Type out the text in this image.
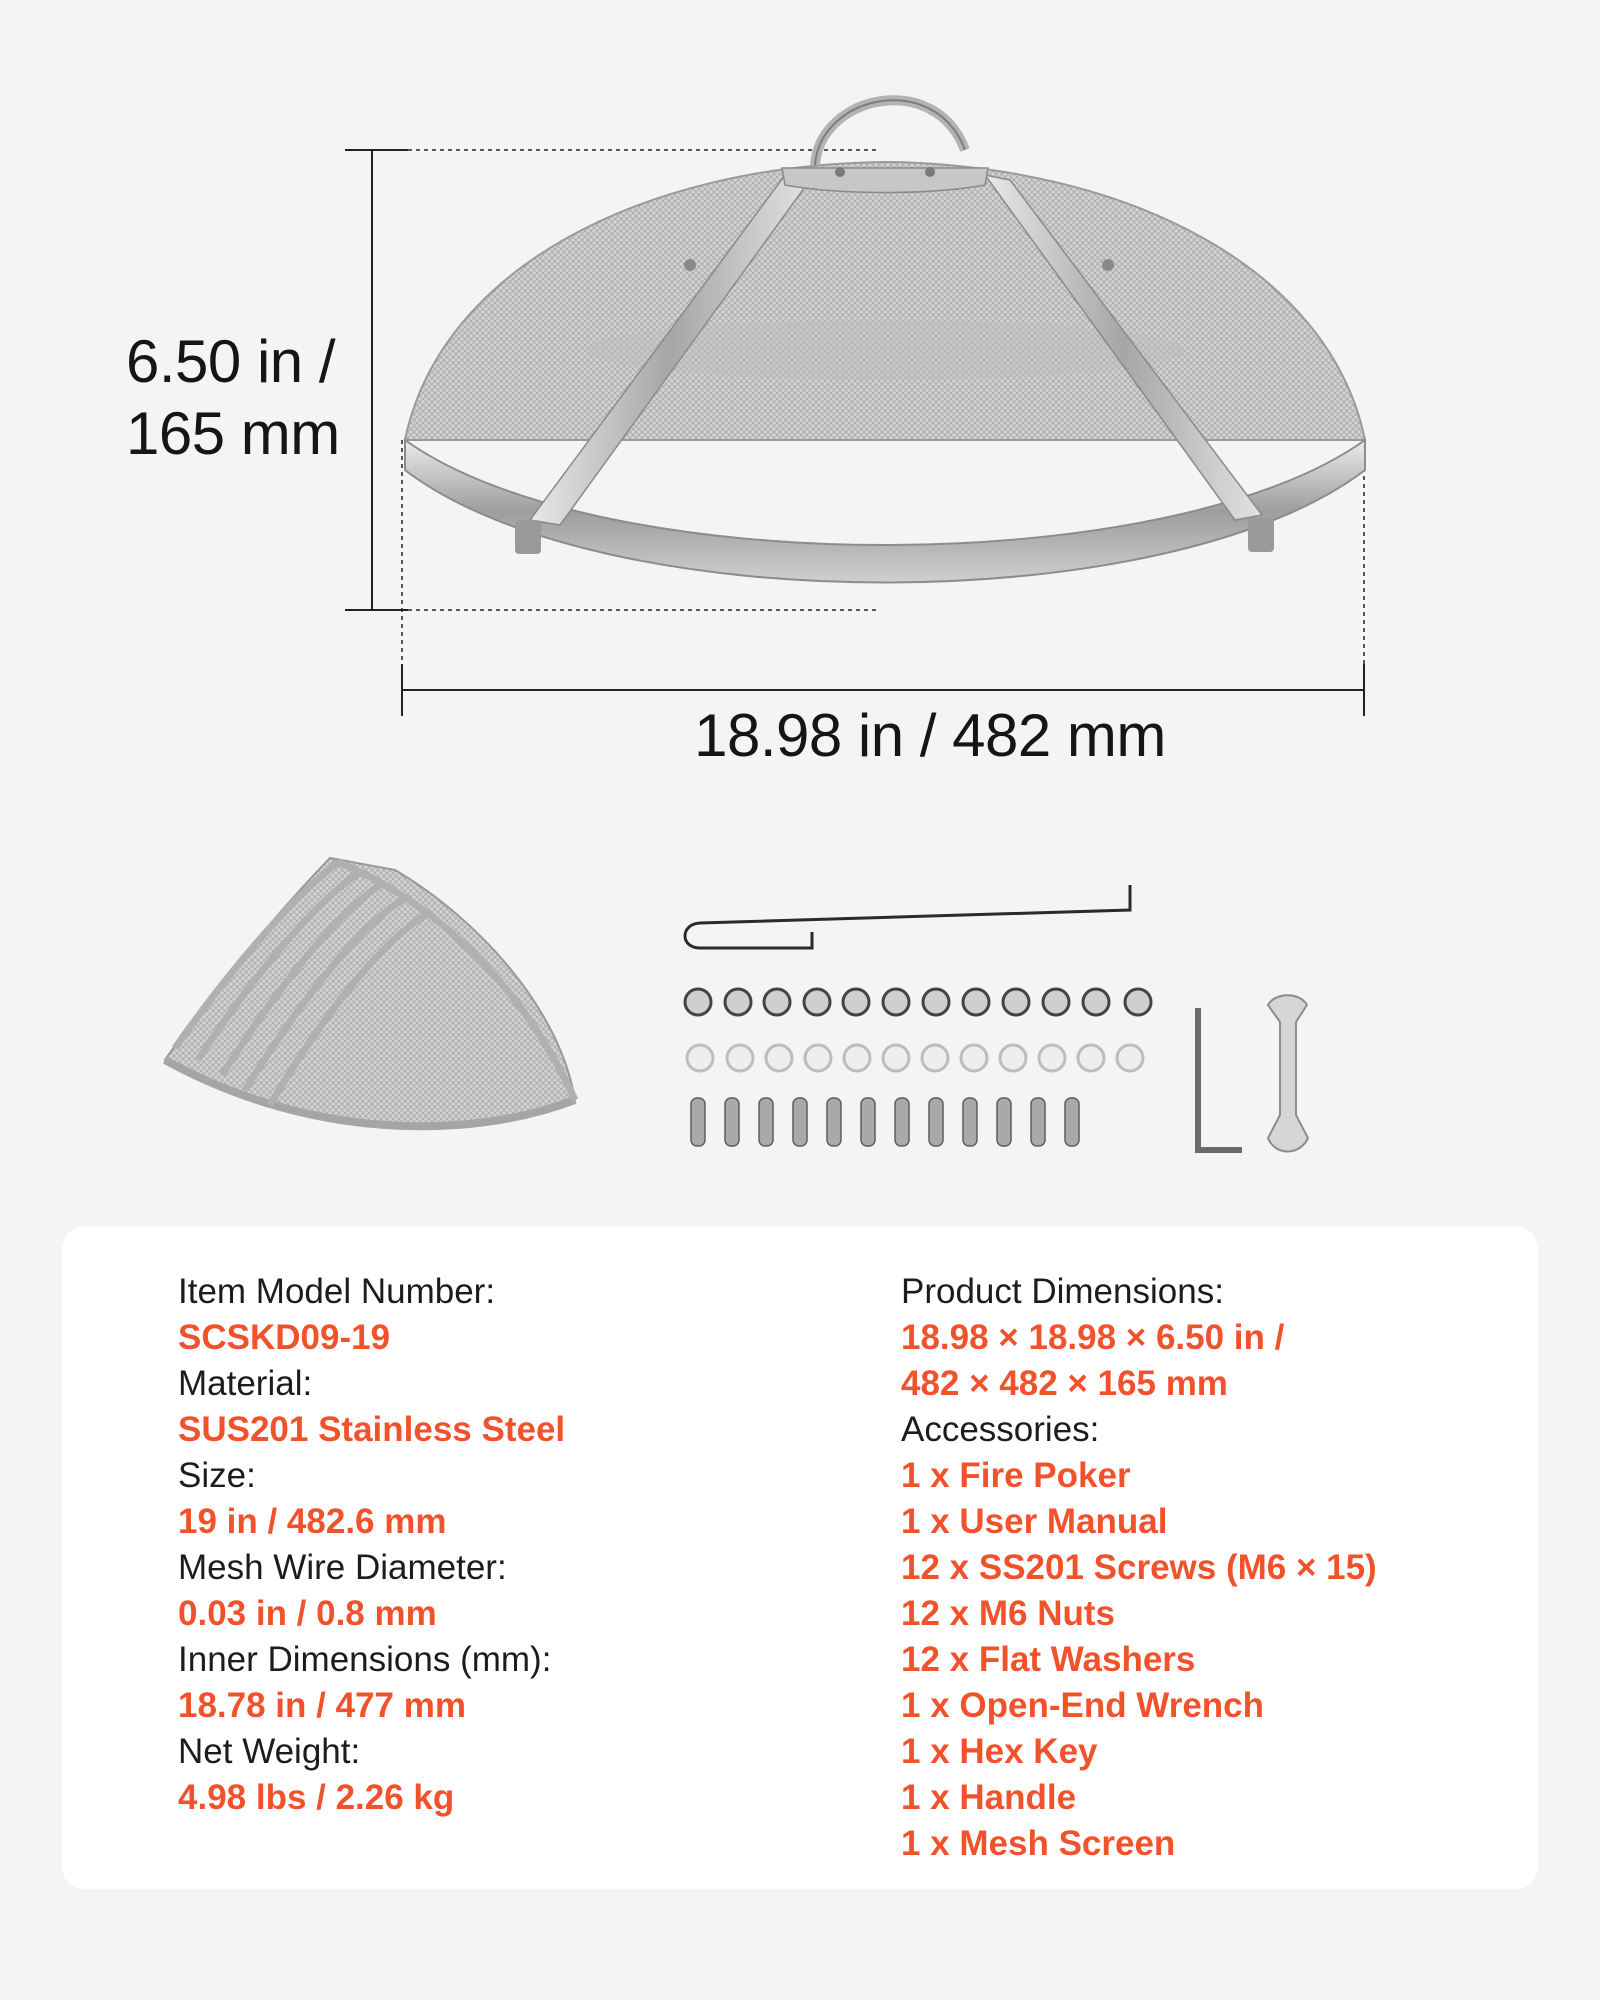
6.50 in /
165 mm
18.98 in / 482 mm
Item Model Number:
SCSKD09-19
Material:
SUS201 Stainless Steel
Size:
19 in / 482.6 mm
Mesh Wire Diameter:
0.03 in / 0.8 mm
Inner Dimensions (mm):
18.78 in / 477 mm
Net Weight:
4.98 lbs / 2.26 kg
Product Dimensions:
18.98 × 18.98 × 6.50 in /
482 × 482 × 165 mm
Accessories:
1 x Fire Poker
1 x User Manual
12 x SS201 Screws (M6 × 15)
12 x M6 Nuts
12 x Flat Washers
1 x Open-End Wrench
1 x Hex Key
1 x Handle
1 x Mesh Screen
